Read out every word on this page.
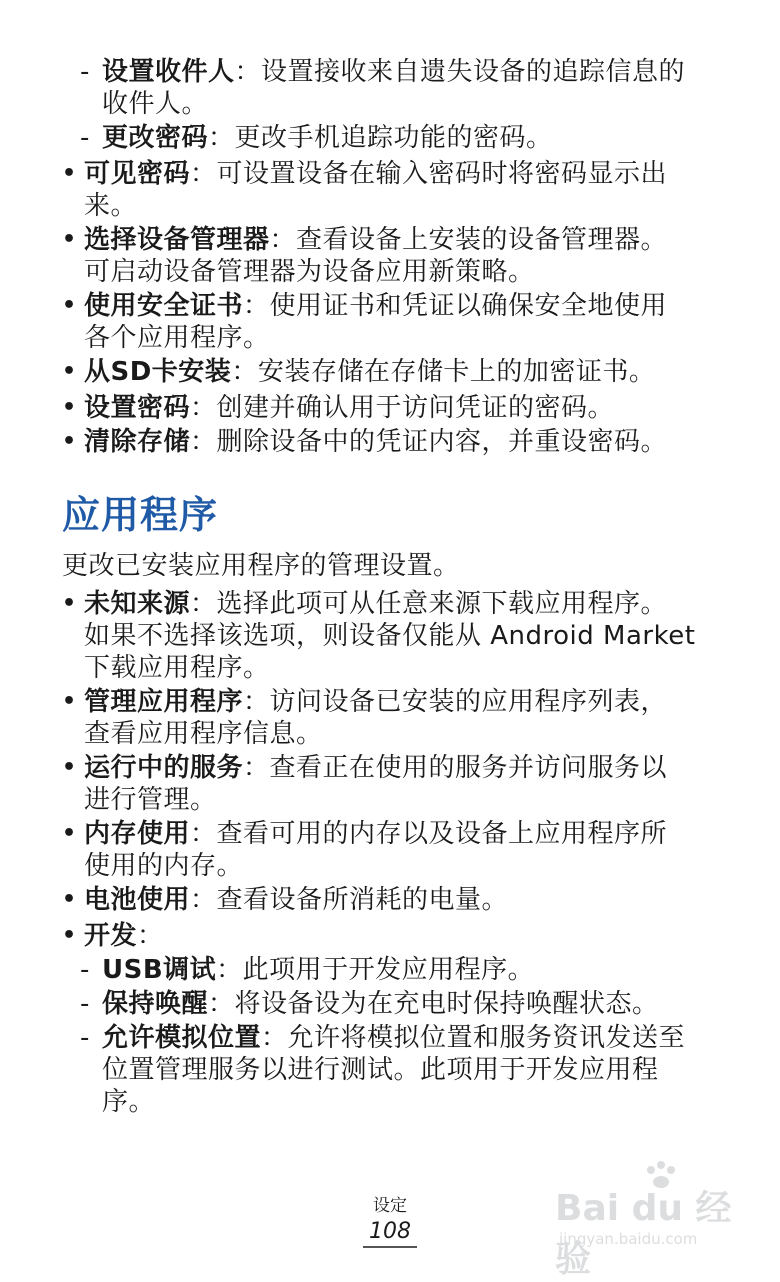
- 设置收件人：设置接收来自遗失设备的追踪信息的
收件人。
- 更改密码：更改手机追踪功能的密码。
• 可见密码：可设置设备在输入密码时将密码显示出
来。
• 选择设备管理器：查看设备上安装的设备管理器。
可启动设备管理器为设备应用新策略。
• 使用安全证书：使用证书和凭证以确保安全地使用
各个应用程序。
• 从SD卡安装：安装存储在存储卡上的加密证书。
• 设置密码：创建并确认用于访问凭证的密码。
• 清除存储：删除设备中的凭证内容，并重设密码。
应用程序
更改已安装应用程序的管理设置。
• 未知来源：选择此项可从任意来源下载应用程序。
如果不选择该选项，则设备仅能从 Android Market
下载应用程序。
• 管理应用程序：访问设备已安装的应用程序列表，
查看应用程序信息。
• 运行中的服务：查看正在使用的服务并访问服务以
进行管理。
• 内存使用：查看可用的内存以及设备上应用程序所
使用的内存。
• 电池使用：查看设备所消耗的电量。
• 开发：
- USB调试：此项用于开发应用程序。
- 保持唤醒：将设备设为在充电时保持唤醒状态。
- 允许模拟位置：允许将模拟位置和服务资讯发送至
位置管理服务以进行测试。此项用于开发应用程
序。
设定
108
Bai du 经验
jingyan.baidu.com
